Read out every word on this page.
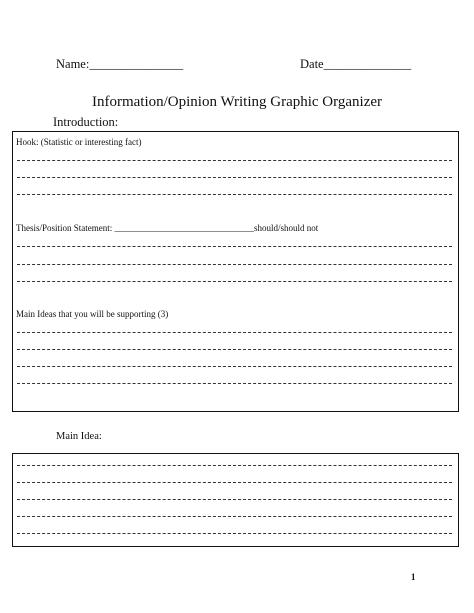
Name:_______________	Date______________
Information/Opinion Writing Graphic Organizer
Introduction:
Hook: (Statistic or interesting fact)
Thesis/Position Statement: _______________________________should/should not
Main Ideas that you will be supporting (3)
Main Idea:
1
